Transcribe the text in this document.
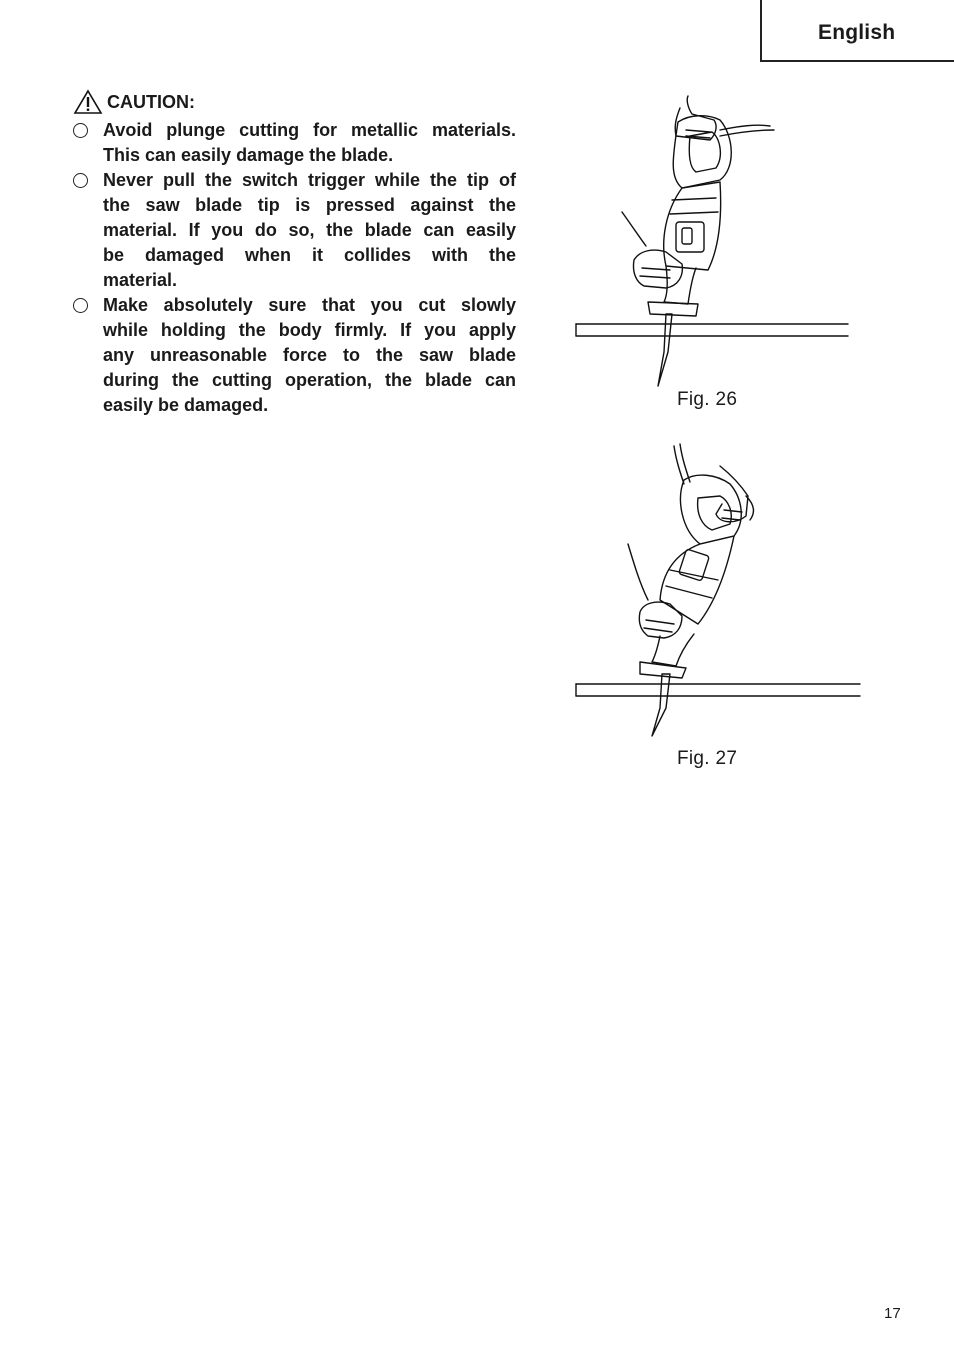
English
CAUTION:
Avoid plunge cutting for metallic materials.
This can easily damage the blade.
Never pull the switch trigger while the tip of
the saw blade tip is pressed against the
material. If you do so, the blade can easily
be damaged when it collides with the
material.
Make absolutely sure that you cut slowly
while holding the body firmly. If you apply
any unreasonable force to the saw blade
during the cutting operation, the blade can
easily be damaged.	Fig. 26
Fig. 27
17
